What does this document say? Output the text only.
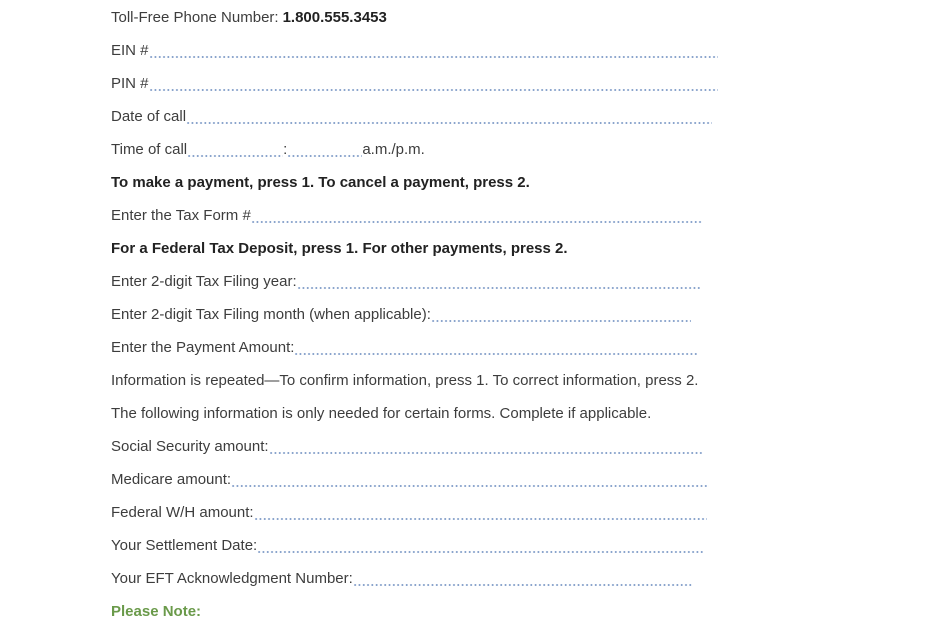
Toll-Free Phone Number: 1.800.555.3453
EIN #
PIN #
Date of call
Time of call	:	a.m./p.m.
To make a payment, press 1. To cancel a payment, press 2.
Enter the Tax Form #
For a Federal Tax Deposit, press 1. For other payments, press 2.
Enter 2-digit Tax Filing year:
Enter 2-digit Tax Filing month (when applicable):
Enter the Payment Amount:
Information is repeated—To confirm information, press 1. To correct information, press 2.
The following information is only needed for certain forms. Complete if applicable.
Social Security amount:
Medicare amount:
Federal W/H amount:
Your Settlement Date:
Your EFT Acknowledgment Number:
Please Note:
